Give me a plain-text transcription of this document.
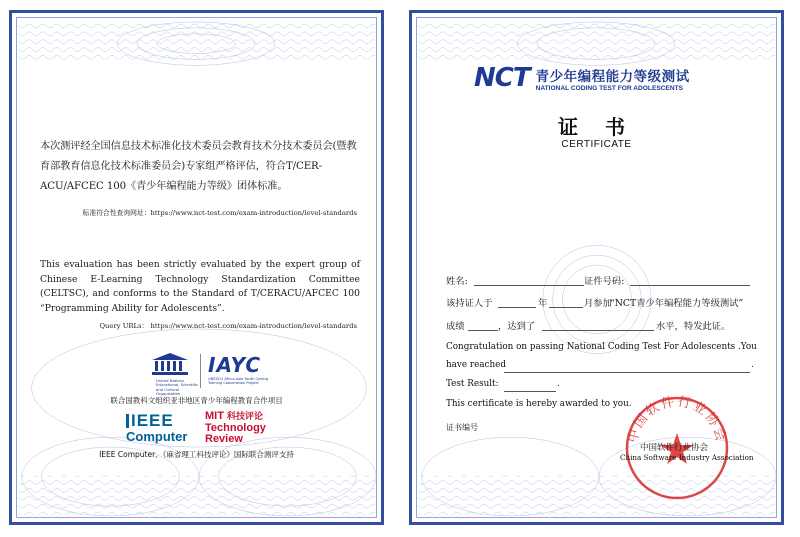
本次测评经全国信息技术标准化技术委员会教育技术分技术委员会(暨教育部教育信息化技术标准委员会)专家组严格评估，符合T/CER-ACU/AFCEC 100《青少年编程能力等级》团体标准。
标准符合性查询网址：https://www.nct-test.com/exam-introduction/level-standards
This evaluation has been strictly evaluated by the expert group of Chinese E-Learning Technology Standardization Committee (CELTSC), and conforms to the Standard of T/CERACU/AFCEC 100 “Programming Ability for Adolescents”.
Query URLs： https://www.nct-test.com/exam-introduction/level-standards
United Nations Educational, Scientific and Cultural Organization
IAYC
UNESCO Africa-Asia Youth Coding Training Cooperation Project
联合国教科文组织亚非地区青少年编程教育合作项目
IEEE
Computer
MIT 科技评论
Technology
Review
IEEE Computer、《麻省理工科技评论》国际联合测评支持
NCT 青少年编程能力等级测试
NATIONAL CODING TEST FOR ADOLESCENTS
证 书
CERTIFICATE
姓名:	证件号码:
该持证人于	年	月参加
“NCT青少年编程能力等级测试”
成绩	，达到了	水平，特发此证。
Congratulation on passing National Coding Test For Adolescents .You
have reached	.
Test Result:	.
This certificate is hereby awarded to you.
证书编号	中国软件行业协会
中国软件行业协会
China Software Industry Association
